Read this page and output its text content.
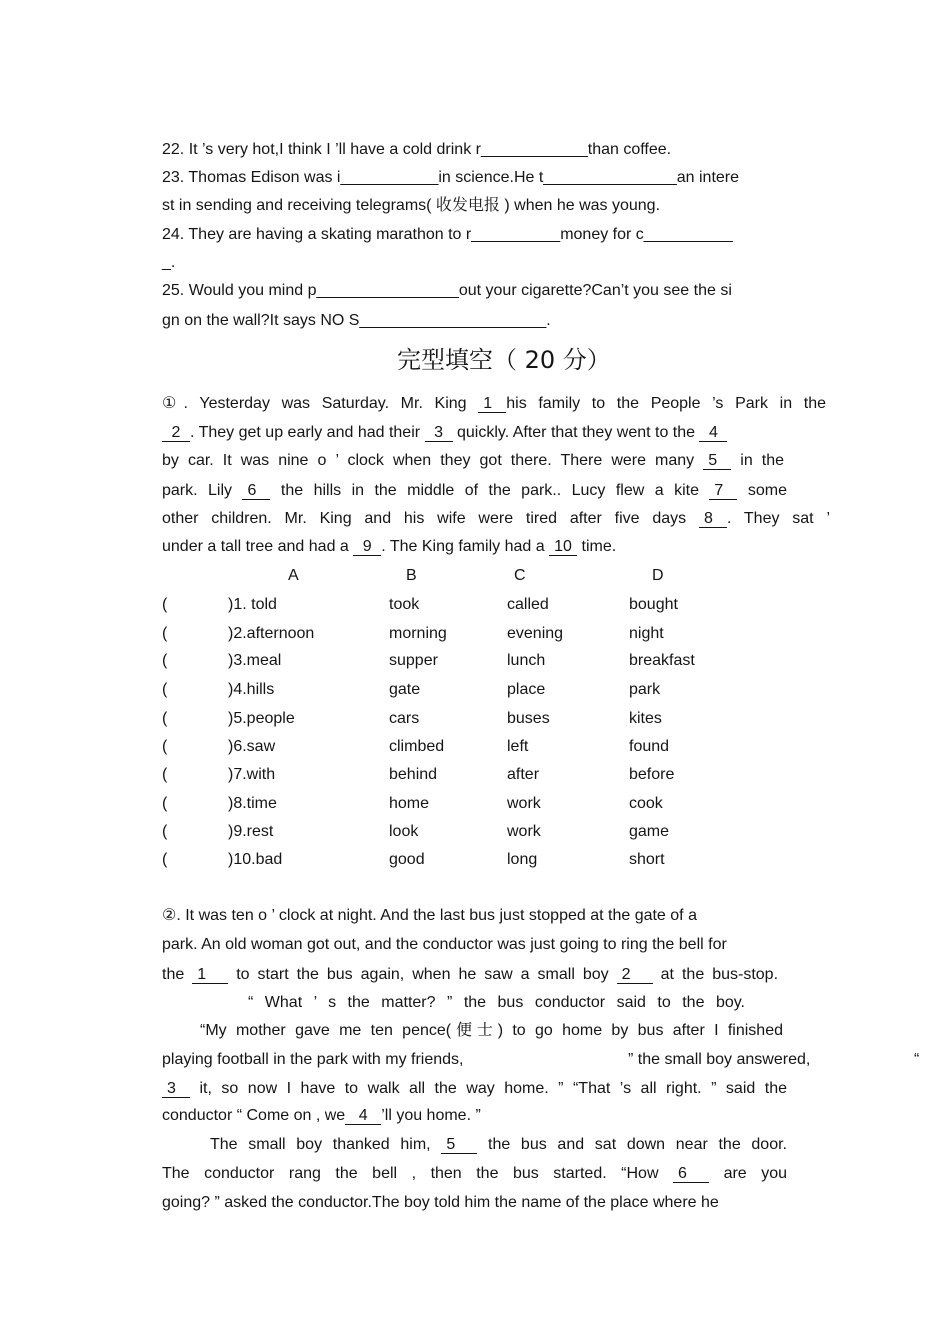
22. It ’s very hot,I think I ’ll have a cold drink r____________than coffee.
23. Thomas Edison was i___________in science.He t_______________an intere
st in sending and receiving telegrams( 收发电报 ) when he was young.
24. They are having a skating marathon to r__________money for c__________
_.
25. Would you mind p________________out your cigarette?Can’t you see the si
gn on the wall?It says NO S_____________________.
完型填空（ 20 分）
①. Yesterday was Saturday. Mr. King 1 his family to the People ’s Park in the
2 . They get up early and had their 3 quickly. After that they went to the 4
by car. It was nine o ’ clock when they got there. There were many 5 in the
park. Lily 6 the hills in the middle of the park.. Lucy flew a kite 7 some
other children. Mr. King and his wife were tired after five days 8 . They sat ’
under a tall tree and had a 9 . The King family had a 10 time.
A	B	C	D
(	)1. told	took	called	bought
(	)2.afternoon	morning	evening	night
(	)3.meal	supper	lunch	breakfast
(	)4.hills	gate	place	park
(	)5.people	cars	buses	kites
(	)6.saw	climbed	left	found
(	)7.with	behind	after	before
(	)8.time	home	work	cook
(	)9.rest	look	work	game
(	)10.bad	good	long	short
②. It was ten o ’ clock at night. And the last bus just stopped at the gate of a
park. An old woman got out, and the conductor was just going to ring the bell for
the 1 to start the bus again, when he saw a small boy 2 at the bus-stop.
“ What ’ s the matter? ” the bus conductor said to the boy.
“My mother gave me ten pence(便士) to go home by bus after I finished
playing football in the park with my friends,	” the small boy answered,	“
3 it, so now I have to walk all the way home. ” “That ’s all right. ” said the
conductor “ Come on , we 4 ’ll you home. ”
The small boy thanked him, 5 the bus and sat down near the door.
The conductor rang the bell , then the bus started. “How 6 are you
going? ” asked the conductor.The boy told him the name of the place where he
